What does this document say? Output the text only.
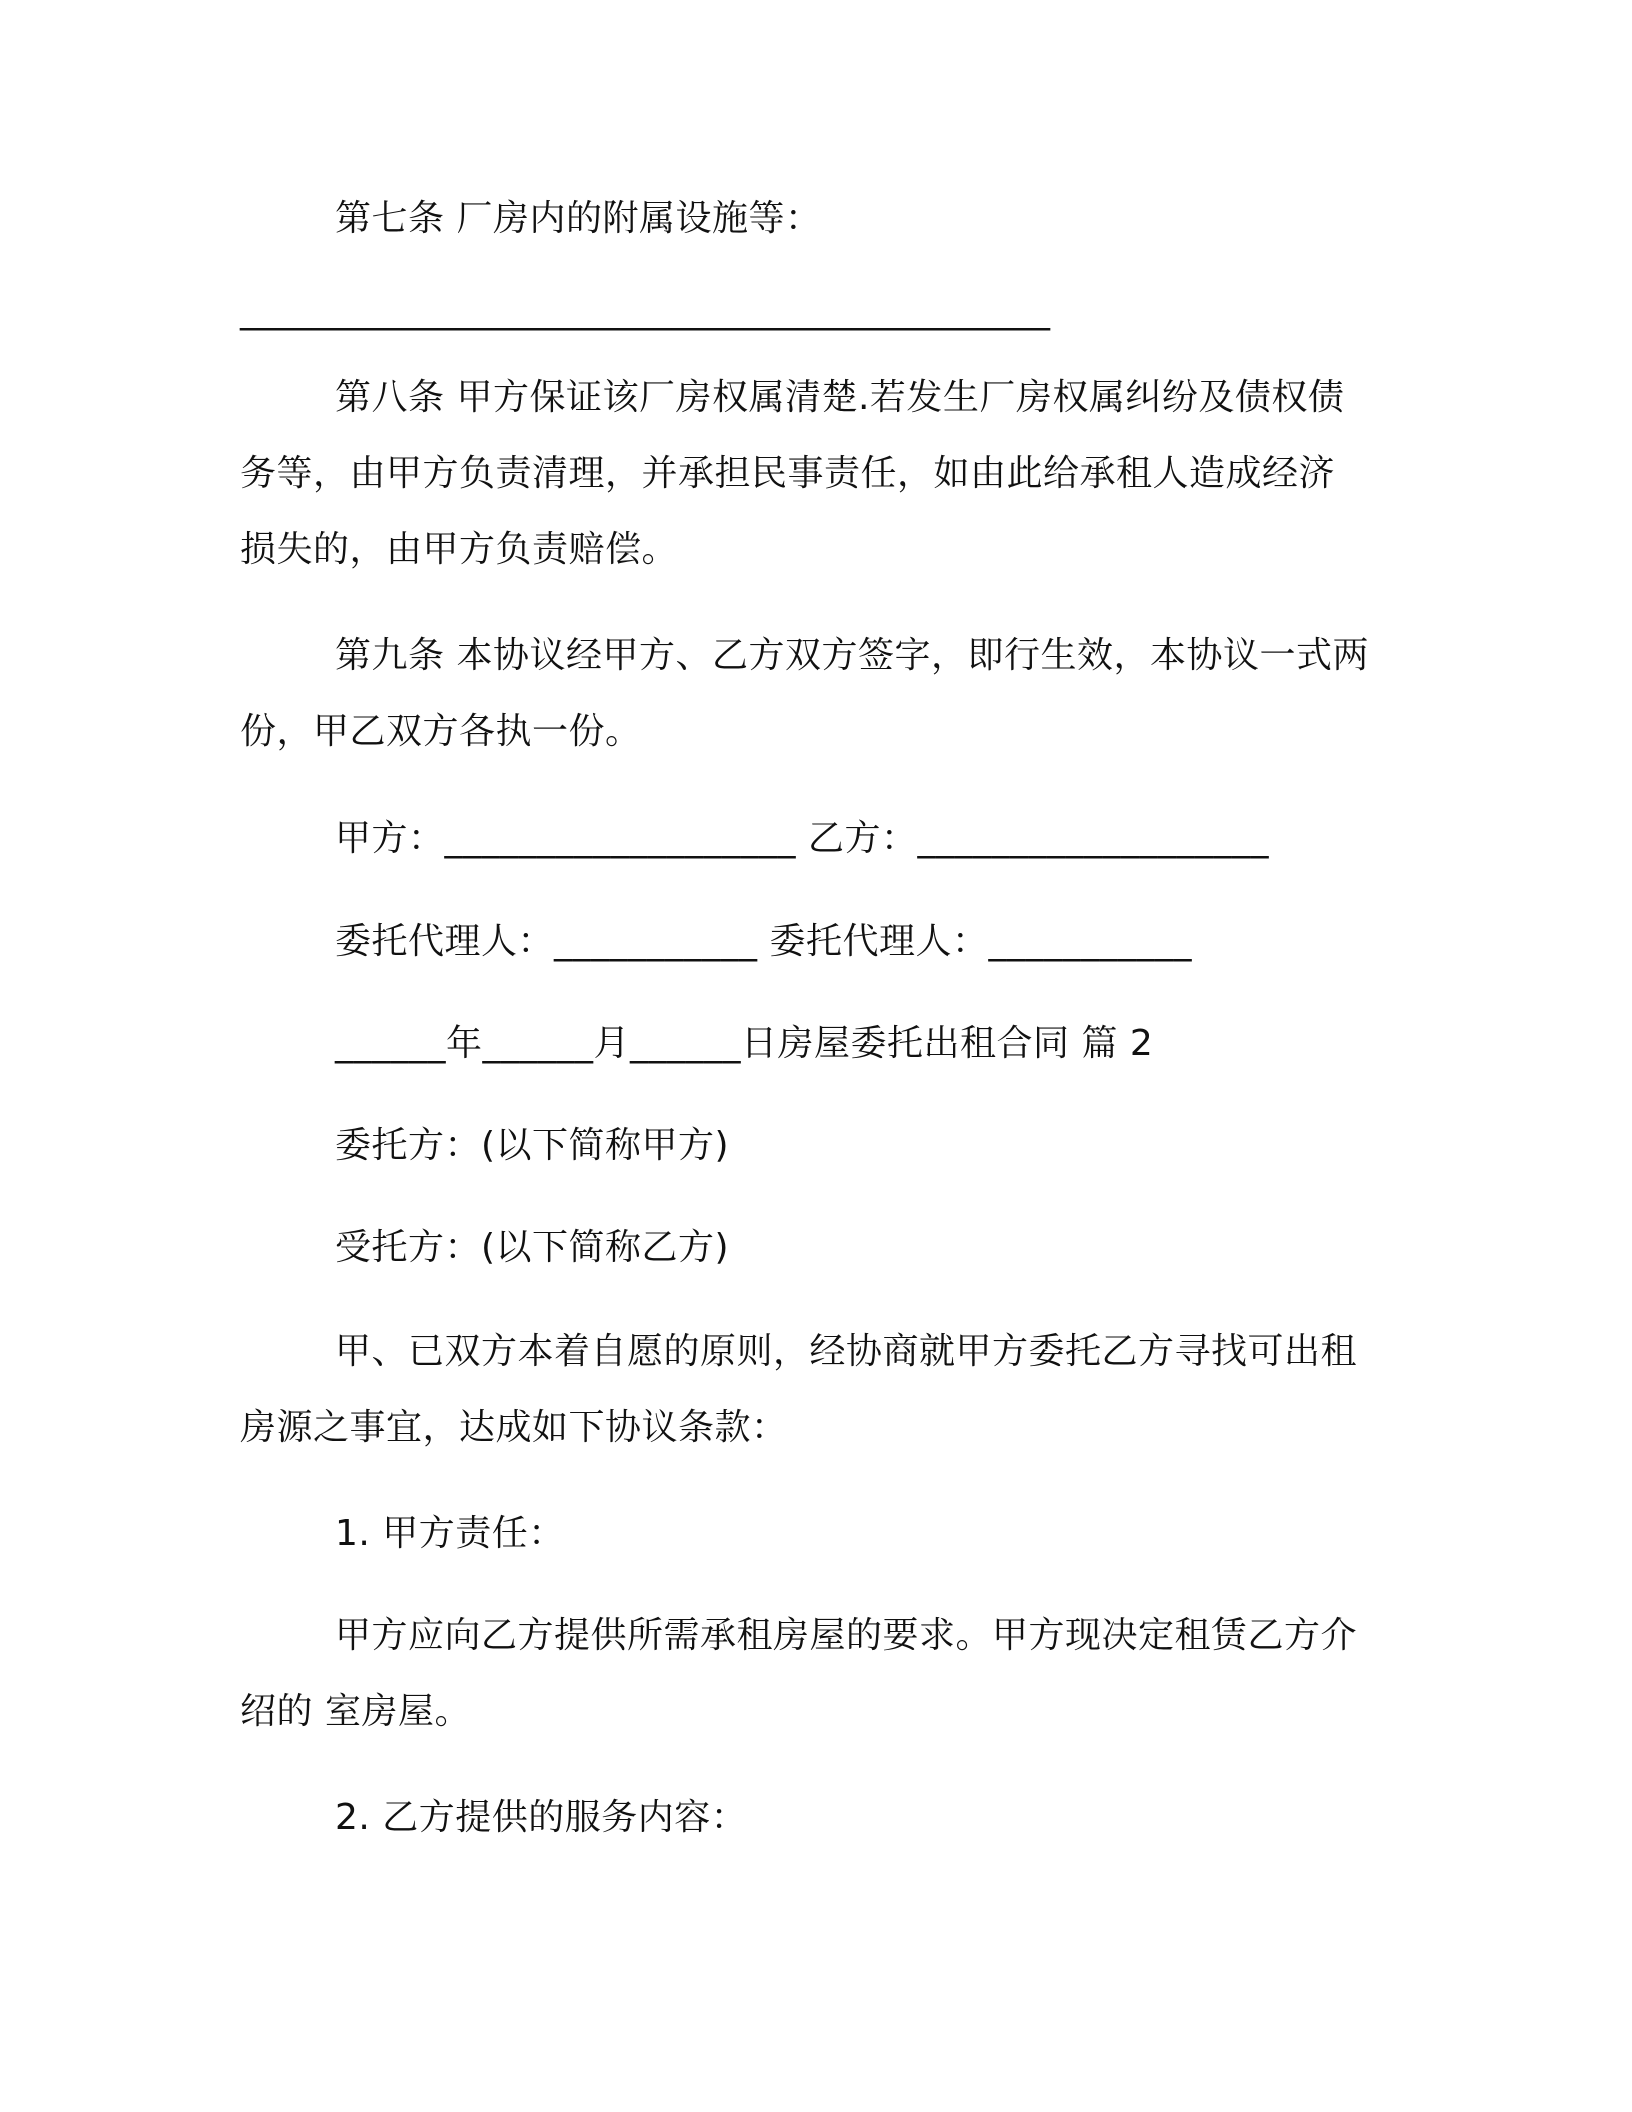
第七条 厂房内的附属设施等：
_____________________________________________
第八条 甲方保证该厂房权属清楚.若发生厂房权属纠纷及债权债
务等，由甲方负责清理，并承担民事责任，如由此给承租人造成经济
损失的，由甲方负责赔偿。
第九条 本协议经甲方、乙方双方签字，即行生效，本协议一式两
份，甲乙双方各执一份。
甲方：___________________ 乙方：___________________
委托代理人：___________ 委托代理人：___________
______年______月______日房屋委托出租合同 篇 2
委托方：(以下简称甲方)
受托方：(以下简称乙方)
甲、已双方本着自愿的原则，经协商就甲方委托乙方寻找可出租
房源之事宜，达成如下协议条款：
1. 甲方责任：
甲方应向乙方提供所需承租房屋的要求。甲方现决定租赁乙方介
绍的 室房屋。
2. 乙方提供的服务内容：
